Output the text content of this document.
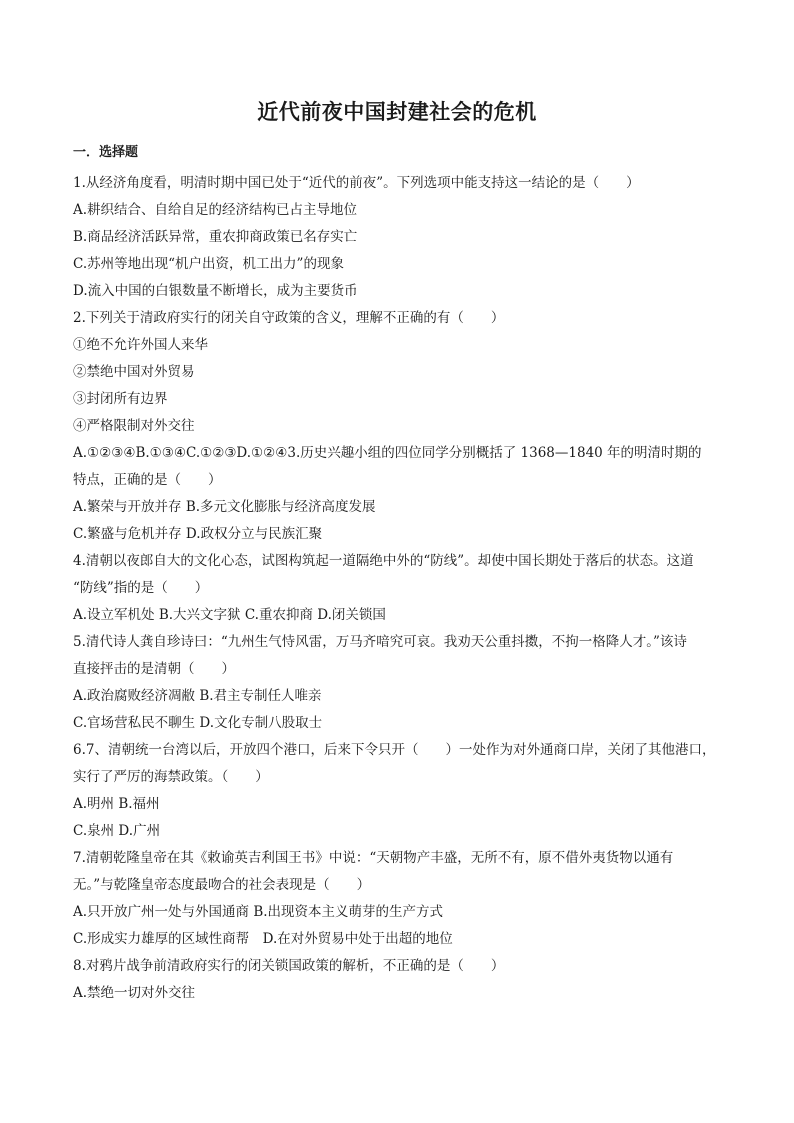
近代前夜中国封建社会的危机
一．选择题
1.从经济角度看，明清时期中国已处于“近代的前夜”。下列选项中能支持这一结论的是（　　）
A.耕织结合、自给自足的经济结构已占主导地位
B.商品经济活跃异常，重农抑商政策已名存实亡
C.苏州等地出现“机户出资，机工出力”的现象
D.流入中国的白银数量不断增长，成为主要货币
2.下列关于清政府实行的闭关自守政策的含义，理解不正确的有（　　）
①绝不允许外国人来华
②禁绝中国对外贸易
③封闭所有边界
④严格限制对外交往
A.①②③④B.①③④C.①②③D.①②④3.历史兴趣小组的四位同学分别概括了 1368—1840 年的明清时期的
特点，正确的是（　　）
A.繁荣与开放并存 B.多元文化膨胀与经济高度发展
C.繁盛与危机并存 D.政权分立与民族汇聚
4.清朝以夜郎自大的文化心态，试图构筑起一道隔绝中外的“防线”。却使中国长期处于落后的状态。这道
“防线”指的是（　　）
A.设立军机处 B.大兴文字狱 C.重农抑商 D.闭关锁国
5.清代诗人龚自珍诗曰：“九州生气恃风雷，万马齐喑究可哀。我劝天公重抖擞，不拘一格降人才。”该诗
直接抨击的是清朝（　　）
A.政治腐败经济凋敝 B.君主专制任人唯亲
C.官场营私民不聊生 D.文化专制八股取士
6.7、清朝统一台湾以后，开放四个港口，后来下令只开（　　）一处作为对外通商口岸，关闭了其他港口，
实行了严厉的海禁政策。（　　）
A.明州 B.福州
C.泉州 D.广州
7.清朝乾隆皇帝在其《敕谕英吉利国王书》中说：“天朝物产丰盛，无所不有，原不借外夷货物以通有
无。”与乾隆皇帝态度最吻合的社会表现是（　　）
A.只开放广州一处与外国通商 B.出现资本主义萌芽的生产方式
C.形成实力雄厚的区域性商帮　D.在对外贸易中处于出超的地位
8.对鸦片战争前清政府实行的闭关锁国政策的解析，不正确的是（　　）
A.禁绝一切对外交往
